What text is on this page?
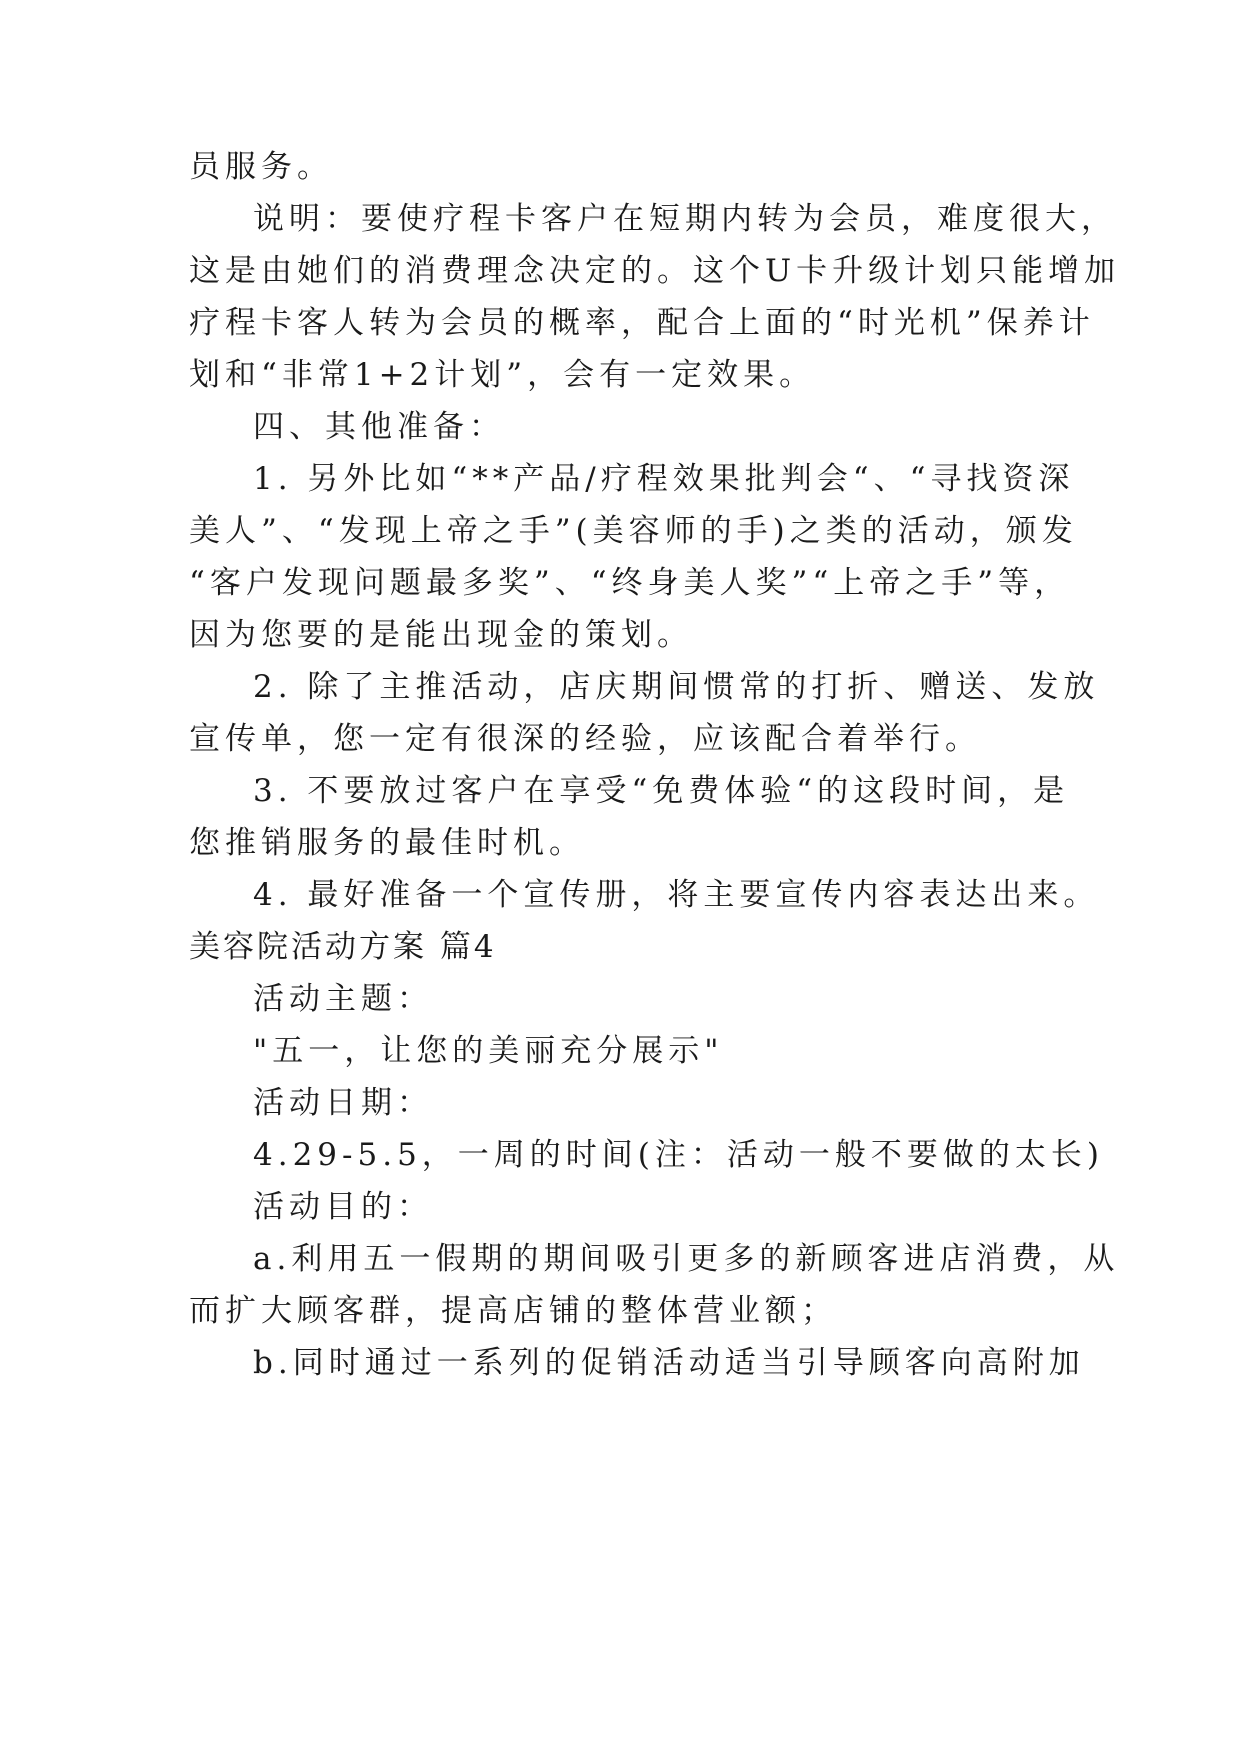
员服务。
说明：要使疗程卡客户在短期内转为会员，难度很大，
这是由她们的消费理念决定的。这个U卡升级计划只能增加
疗程卡客人转为会员的概率，配合上面的“时光机”保养计
划和“非常1+2计划”，会有一定效果。
四、其他准备：
1. 另外比如“**产品/疗程效果批判会“、“寻找资深
美人”、“发现上帝之手”(美容师的手)之类的活动，颁发
“客户发现问题最多奖”、“终身美人奖”“上帝之手”等，
因为您要的是能出现金的策划。
2. 除了主推活动，店庆期间惯常的打折、赠送、发放
宣传单，您一定有很深的经验，应该配合着举行。
3. 不要放过客户在享受“免费体验“的这段时间，是
您推销服务的最佳时机。
4. 最好准备一个宣传册，将主要宣传内容表达出来。
美容院活动方案 篇4
活动主题：
"五一，让您的美丽充分展示"
活动日期：
4.29-5.5，一周的时间(注：活动一般不要做的太长)
活动目的：
a.利用五一假期的期间吸引更多的新顾客进店消费，从
而扩大顾客群，提高店铺的整体营业额；
b.同时通过一系列的促销活动适当引导顾客向高附加
